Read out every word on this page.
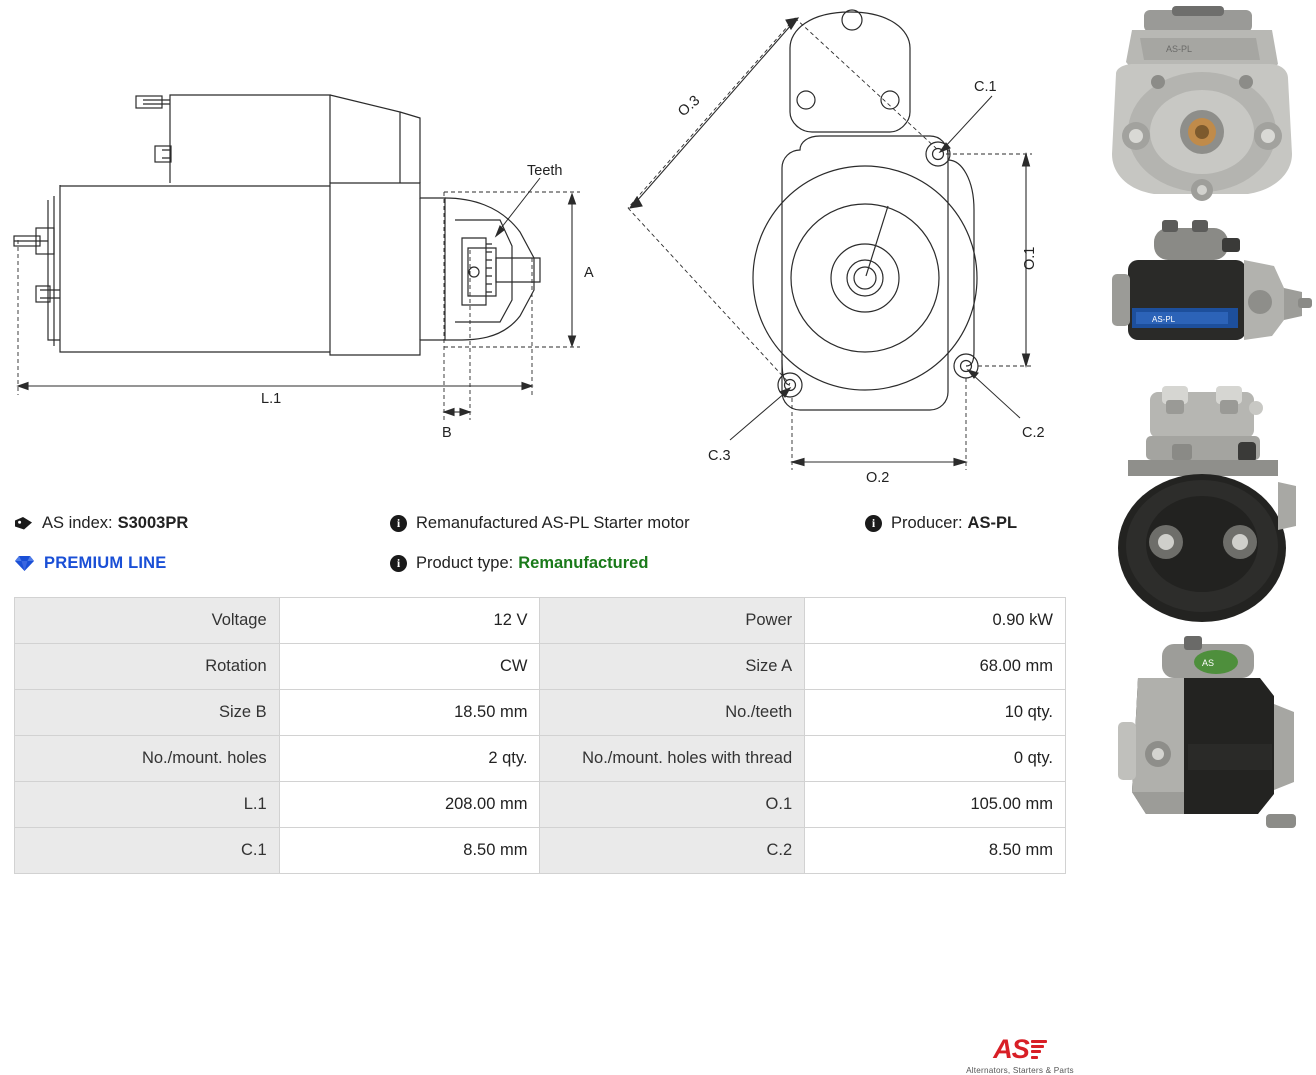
Teeth
A
L.1
B
O.3
O.1
O.2
C.1
C.2
C.3
AS index: S3003PR	i Remanufactured AS-PL Starter motor	i Producer: AS-PL
PREMIUM LINE	i Product type: Remanufactured
AS
Alternators, Starters & Parts
Voltage	12 V	Power	0.90 kW
Rotation	CW	Size A	68.00 mm
Size B	18.50 mm	No./teeth	10 qty.
No./mount. holes	2 qty.	No./mount. holes with thread	0 qty.
L.1	208.00 mm	O.1	105.00 mm
C.1	8.50 mm	C.2	8.50 mm
AS-PL
AS-PL
AS
